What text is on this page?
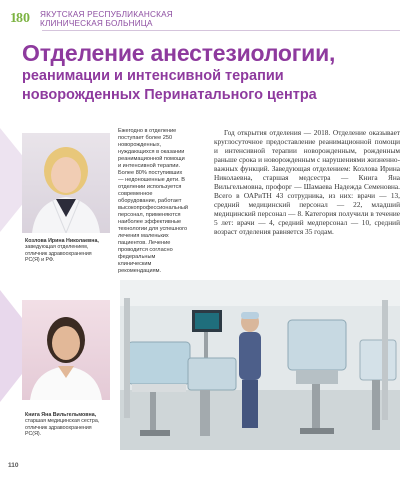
1 8 0 ЯКУТСКАЯ РЕСПУБЛИКАНСКАЯ
КЛИНИЧЕСКАЯ БОЛЬНИЦА
Отделение анестезиологии,
реанимации и интенсивной терапии
новорожденных Перинатального центра
Козлова Ирина Николаевна,
заведующая отделением,
отличник здравоохранения
РС(Я) и РФ.
Книга Яна Вильгельмовна,
старшая медицинская сестра,
отличник здравоохранения
РС(Я).
Ежегодно в отделение поступает более 250 новорожденных, нуждающихся в оказании реанимационной помощи и интенсивной терапии. Более 80% поступивших — недоношенные дети. В отделении используется современное оборудование, работает высокопрофессиональный персонал, применяются наиболее эффективные технологии для успешного лечения маленьких пациентов. Лечение проводится согласно федеральным клиническим рекомендациям.
Год открытия отделения — 2018. Отделение оказывает круглосуточное предоставление реанимационной помощи и интенсивной терапии новорожденным, рожденным раньше срока и новорожденным с нарушениями жизненно-важных функций. Заведующая отделением: Козлова Ирина Николаевна, старшая медсестра — Книга Яна Вильгельмовна, профорг — Шамаева Надежда Семеновна. Всего в ОАРиТН 43 сотрудника, из них: врачи — 13, средний медицинский персонал — 22, младший медицинский персонал — 8. Категория получили в течение 5 лет: врачи — 4, средний медперсонал — 10, средний возраст отделения равняется 35 годам.
110
